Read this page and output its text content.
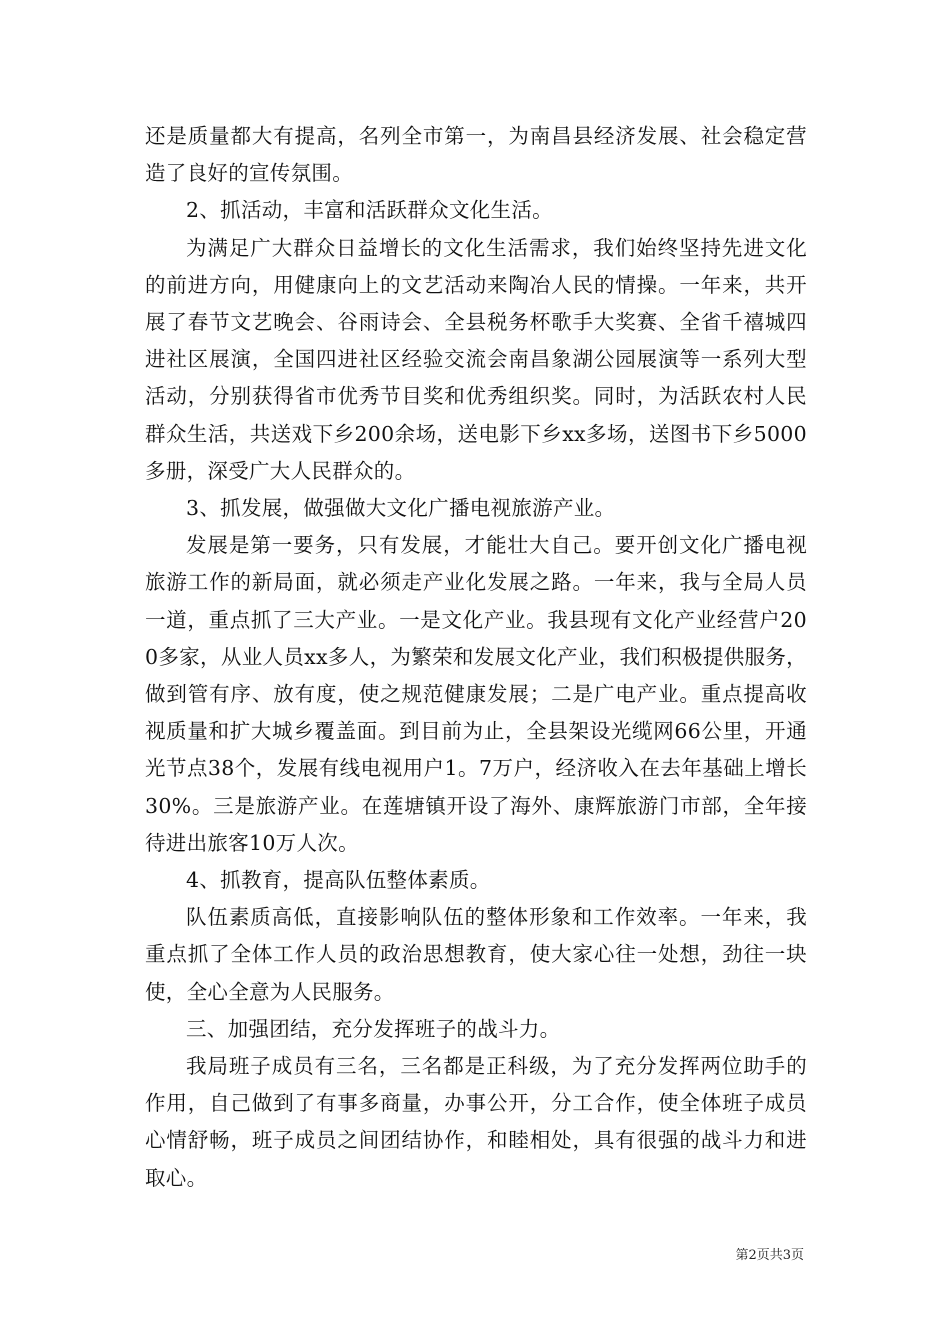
还是质量都大有提高，名列全市第一，为南昌县经济发展、社会稳定营造了良好的宣传氛围。

2、抓活动，丰富和活跃群众文化生活。

为满足广大群众日益增长的文化生活需求，我们始终坚持先进文化的前进方向，用健康向上的文艺活动来陶冶人民的情操。一年来，共开展了春节文艺晚会、谷雨诗会、全县税务杯歌手大奖赛、全省千禧城四进社区展演，全国四进社区经验交流会南昌象湖公园展演等一系列大型活动，分别获得省市优秀节目奖和优秀组织奖。同时，为活跃农村人民群众生活，共送戏下乡200余场，送电影下乡xx多场，送图书下乡5000多册，深受广大人民群众的。

3、抓发展，做强做大文化广播电视旅游产业。

发展是第一要务，只有发展，才能壮大自己。要开创文化广播电视旅游工作的新局面，就必须走产业化发展之路。一年来，我与全局人员一道，重点抓了三大产业。一是文化产业。我县现有文化产业经营户200多家，从业人员xx多人，为繁荣和发展文化产业，我们积极提供服务，做到管有序、放有度，使之规范健康发展；二是广电产业。重点提高收视质量和扩大城乡覆盖面。到目前为止，全县架设光缆网66公里，开通光节点38个，发展有线电视用户1。7万户，经济收入在去年基础上增长30%。三是旅游产业。在莲塘镇开设了海外、康辉旅游门市部，全年接待进出旅客10万人次。

4、抓教育，提高队伍整体素质。

队伍素质高低，直接影响队伍的整体形象和工作效率。一年来，我重点抓了全体工作人员的政治思想教育，使大家心往一处想，劲往一块使，全心全意为人民服务。

三、加强团结，充分发挥班子的战斗力。

我局班子成员有三名，三名都是正科级，为了充分发挥两位助手的作用，自己做到了有事多商量，办事公开，分工合作，使全体班子成员心情舒畅，班子成员之间团结协作，和睦相处，具有很强的战斗力和进取心。

第2页共3页
